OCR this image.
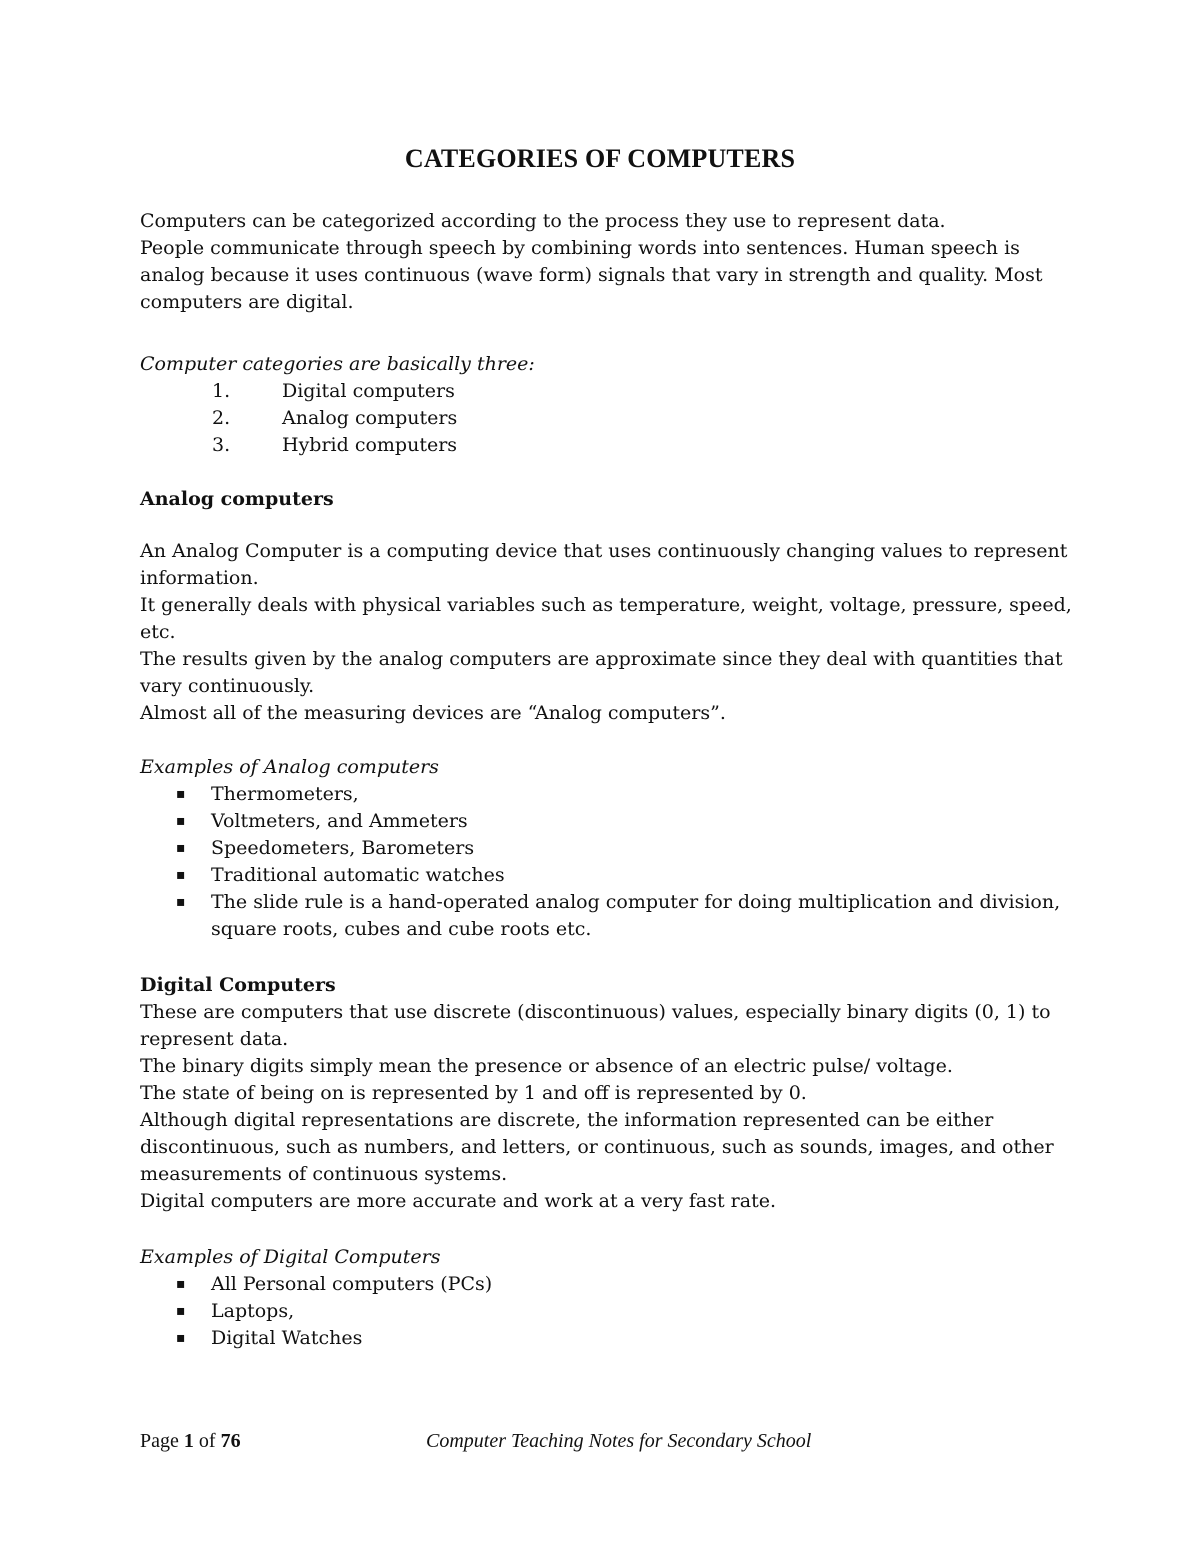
CATEGORIES OF COMPUTERS
Computers can be categorized according to the process they use to represent data.
People communicate through speech by combining words into sentences. Human speech is
analog because it uses continuous (wave form) signals that vary in strength and quality. Most
computers are digital.
Computer categories are basically three:
1.	Digital computers
2.	Analog computers
3.	Hybrid computers
Analog computers
An Analog Computer is a computing device that uses continuously changing values to represent
information.
It generally deals with physical variables such as temperature, weight, voltage, pressure, speed,
etc.
The results given by the analog computers are approximate since they deal with quantities that
vary continuously.
Almost all of the measuring devices are “Analog computers”.
Examples of Analog computers
▪ Thermometers,
▪ Voltmeters, and Ammeters
▪ Speedometers, Barometers
▪ Traditional automatic watches
▪ The slide rule is a hand-operated analog computer for doing multiplication and division,
square roots, cubes and cube roots etc.
Digital Computers
These are computers that use discrete (discontinuous) values, especially binary digits (0, 1) to
represent data.
The binary digits simply mean the presence or absence of an electric pulse/ voltage.
The state of being on is represented by 1 and off is represented by 0.
Although digital representations are discrete, the information represented can be either
discontinuous, such as numbers, and letters, or continuous, such as sounds, images, and other
measurements of continuous systems.
Digital computers are more accurate and work at a very fast rate.
Examples of Digital Computers
▪ All Personal computers (PCs)
▪ Laptops,
▪ Digital Watches
Page 1 of 76	Computer Teaching Notes for Secondary School
